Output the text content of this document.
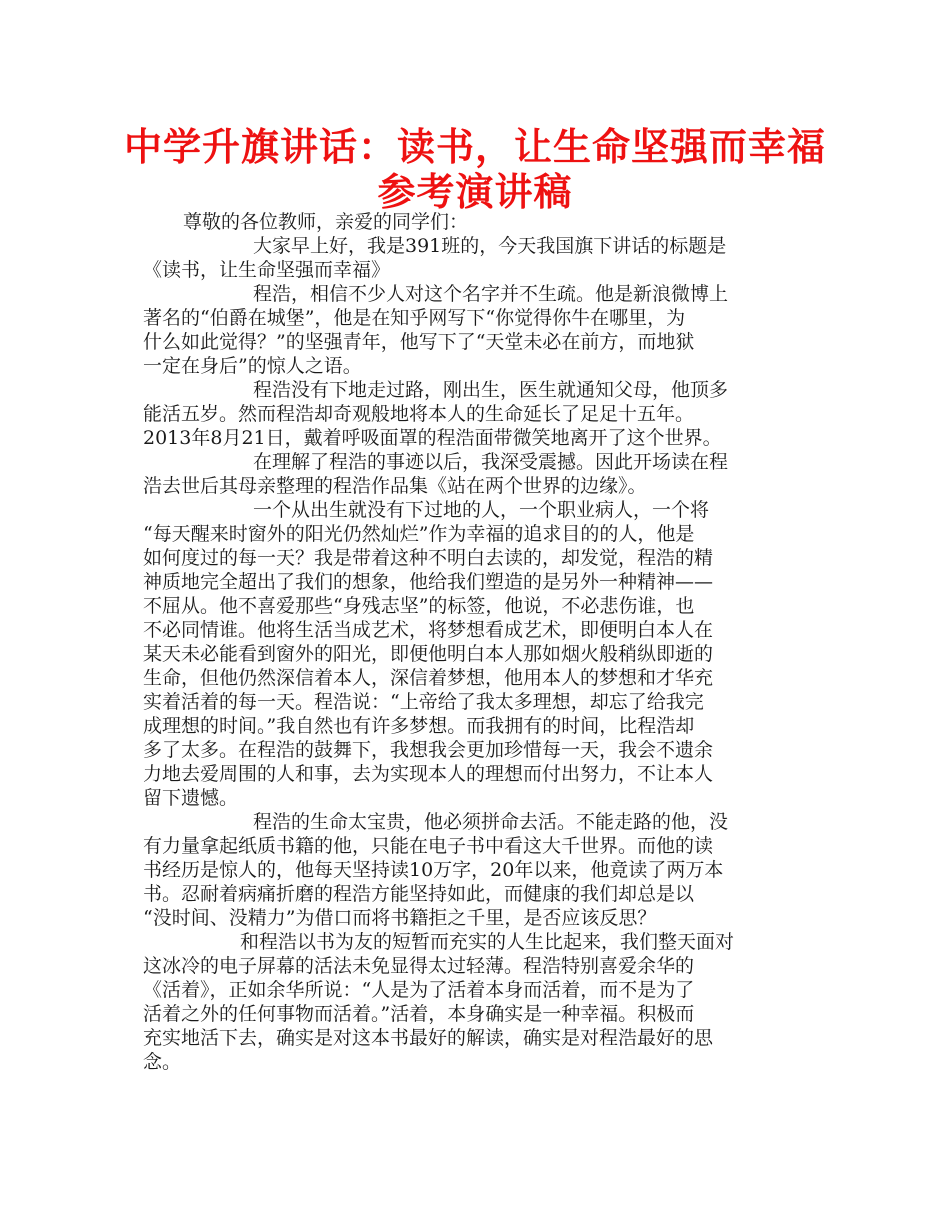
中学升旗讲话：读书，让生命坚强而幸福
参考演讲稿
尊敬的各位教师，亲爱的同学们：
大家早上好，我是391班的，今天我国旗下讲话的标题是
《读书，让生命坚强而幸福》
程浩，相信不少人对这个名字并不生疏。他是新浪微博上
著名的“伯爵在城堡”，他是在知乎网写下“你觉得你牛在哪里，为
什么如此觉得？”的坚强青年，他写下了“天堂未必在前方，而地狱
一定在身后”的惊人之语。
程浩没有下地走过路，刚出生，医生就通知父母，他顶多
能活五岁。然而程浩却奇观般地将本人的生命延长了足足十五年。
2013年8月21日，戴着呼吸面罩的程浩面带微笑地离开了这个世界。
在理解了程浩的事迹以后，我深受震撼。因此开场读在程
浩去世后其母亲整理的程浩作品集《站在两个世界的边缘》。
一个从出生就没有下过地的人，一个职业病人，一个将
“每天醒来时窗外的阳光仍然灿烂”作为幸福的追求目的的人，他是
如何度过的每一天？我是带着这种不明白去读的，却发觉，程浩的精
神质地完全超出了我们的想象，他给我们塑造的是另外一种精神——
不屈从。他不喜爱那些“身残志坚”的标签，他说，不必悲伤谁，也
不必同情谁。他将生活当成艺术，将梦想看成艺术，即便明白本人在
某天未必能看到窗外的阳光，即便他明白本人那如烟火般稍纵即逝的
生命，但他仍然深信着本人，深信着梦想，他用本人的梦想和才华充
实着活着的每一天。程浩说：“上帝给了我太多理想，却忘了给我完
成理想的时间。”我自然也有许多梦想。而我拥有的时间，比程浩却
多了太多。在程浩的鼓舞下，我想我会更加珍惜每一天，我会不遗余
力地去爱周围的人和事，去为实现本人的理想而付出努力，不让本人
留下遗憾。
程浩的生命太宝贵，他必须拼命去活。不能走路的他，没
有力量拿起纸质书籍的他，只能在电子书中看这大千世界。而他的读
书经历是惊人的，他每天坚持读10万字，20年以来，他竟读了两万本
书。忍耐着病痛折磨的程浩方能坚持如此，而健康的我们却总是以
“没时间、没精力”为借口而将书籍拒之千里，是否应该反思？
和程浩以书为友的短暂而充实的人生比起来，我们整天面对
这冰冷的电子屏幕的活法未免显得太过轻薄。程浩特别喜爱余华的
《活着》，正如余华所说：“人是为了活着本身而活着，而不是为了
活着之外的任何事物而活着。”活着，本身确实是一种幸福。积极而
充实地活下去，确实是对这本书最好的解读，确实是对程浩最好的思
念。
